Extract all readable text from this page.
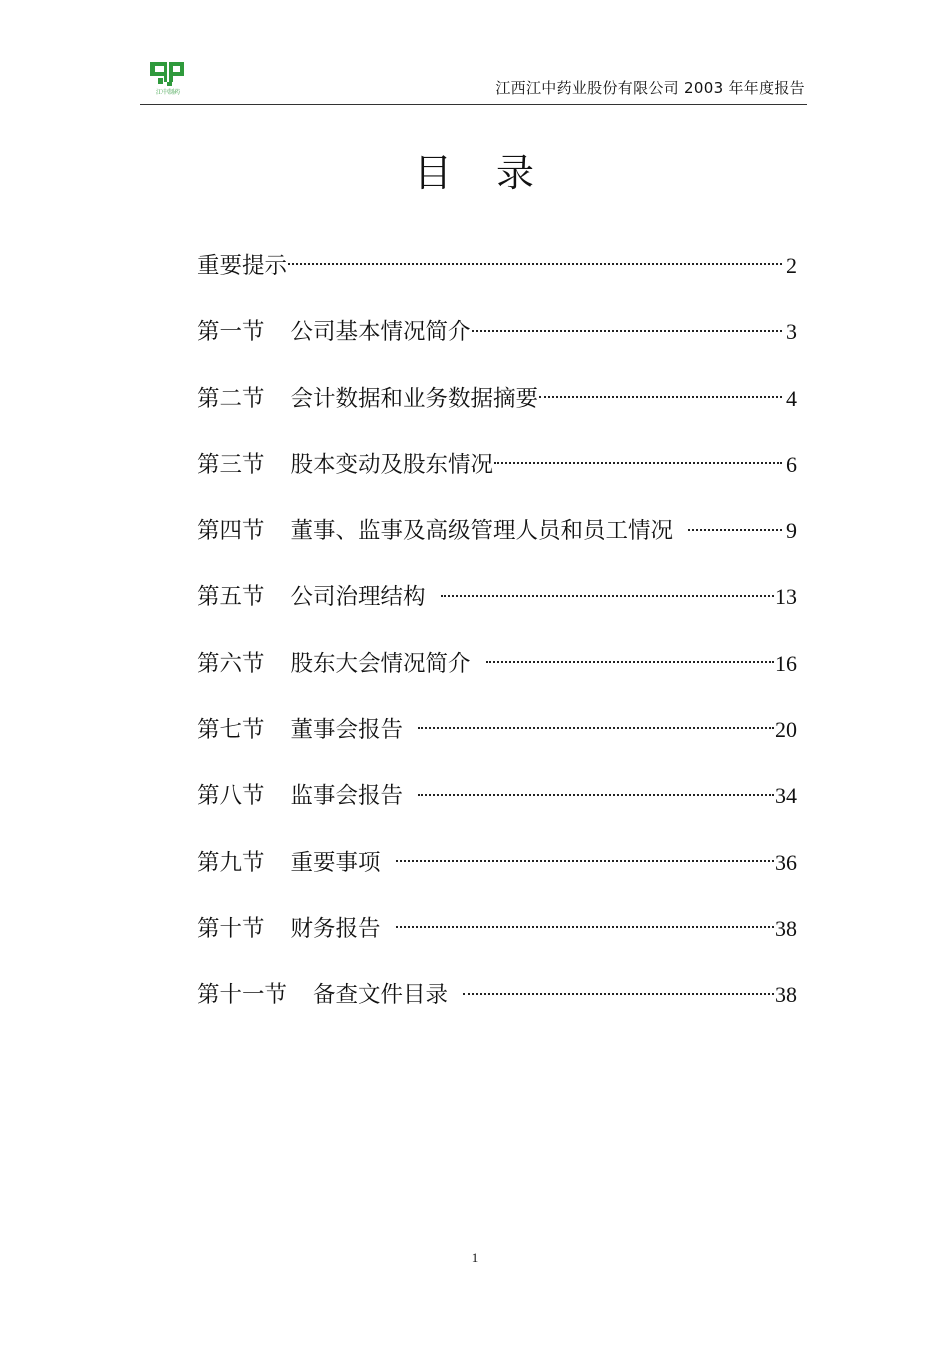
江中制药	江西江中药业股份有限公司 2003 年年度报告
目 录
重要提示	2
第一节 公司基本情况简介	3
第二节 会计数据和业务数据摘要	4
第三节 股本变动及股东情况	6
第四节 董事、监事及高级管理人员和员工情况	9
第五节 公司治理结构	13
第六节 股东大会情况简介	16
第七节 董事会报告	20
第八节 监事会报告	34
第九节 重要事项	36
第十节 财务报告	38
第十一节 备查文件目录	38
1
